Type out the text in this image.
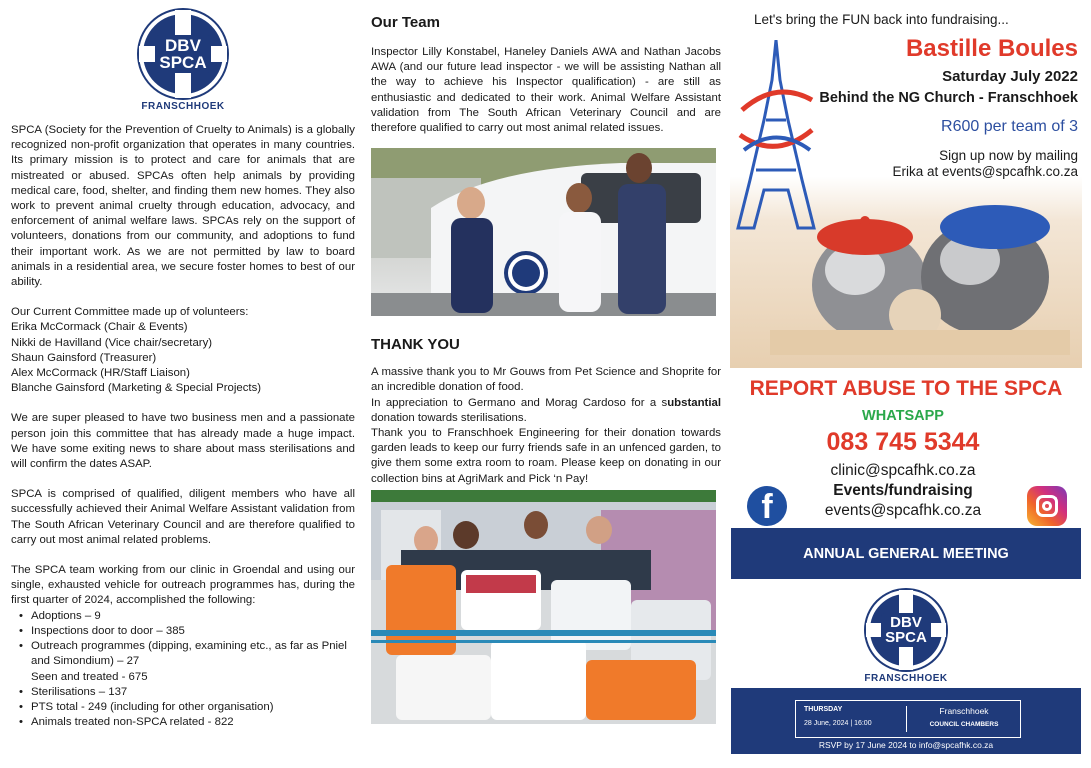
DBV
SPCA
FRANSCHHOEK

SPCA (Society for the Prevention of Cruelty to Animals) is a globally recognized non-profit organization that operates in many countries. Its primary mission is to protect and care for animals that are mistreated or abused. SPCAs often help animals by providing medical care, food, shelter, and finding them new homes. They also work to prevent animal cruelty through education, advocacy, and enforcement of animal welfare laws. SPCAs rely on the support of volunteers, donations from our community, and adoptions to fund their important work. As we are not permitted by law to board animals in a residential area, we secure foster homes to best of our ability.

Our Current Committee made up of volunteers:
Erika McCormack (Chair & Events)
Nikki de Havilland (Vice chair/secretary)
Shaun Gainsford (Treasurer)
Alex McCormack (HR/Staff Liaison)
Blanche Gainsford (Marketing & Special Projects)

We are super pleased to have two business men and a passionate person join this committee that has already made a huge impact. We have some exiting news to share about mass sterilisations and will confirm the dates ASAP.

SPCA is comprised of qualified, diligent members who have all successfully achieved their Animal Welfare Assistant validation from The South African Veterinary Council and are therefore qualified to carry out most animal related problems.

The SPCA team working from our clinic in Groendal and using our single, exhausted vehicle for outreach programmes has, during the first quarter of 2024, accomplished the following:

• Adoptions – 9
• Inspections door to door – 385
• Outreach programmes (dipping, examining etc., as far as Pniel and Simondium) – 27
Seen and treated - 675
• Sterilisations – 137
• PTS total - 249 (including for other organisation)
• Animals treated non-SPCA related - 822
Our Team

Inspector Lilly Konstabel, Haneley Daniels AWA and Nathan Jacobs AWA (and our future lead inspector - we will be assisting Nathan all the way to achieve his Inspector qualification) - are still as enthusiastic and dedicated to their work. Animal Welfare Assistant validation from The South African Veterinary Council and are therefore qualified to carry out most animal related issues.

THANK YOU

A massive thank you to Mr Gouws from Pet Science and Shoprite for an incredible donation of food.

In appreciation to Germano and Morag Cardoso for a substantial donation towards sterilisations.

Thank you to Franschhoek Engineering for their donation towards garden leads to keep our furry friends safe in an unfenced garden, to give them some extra room to roam. Please keep on donating in our collection bins at AgriMark and Pick ‘n Pay!

Let's bring the FUN back into fundraising...
Bastille Boules
Saturday July 2022
Behind the NG Church - Franschhoek
R600 per team of 3
Sign up now by mailing
Erika at events@spcafhk.co.za
REPORT ABUSE TO THE SPCA
WHATSAPP
083 745 5344
clinic@spcafhk.co.za
Events/fundraising
events@spcafhk.co.za
f
ANNUAL GENERAL MEETING
DBV
SPCA
FRANSCHHOEK
THURSDAY
28 June, 2024 | 16:00
Franschhoek
COUNCIL CHAMBERS
RSVP by 17 June 2024 to info@spcafhk.co.za
